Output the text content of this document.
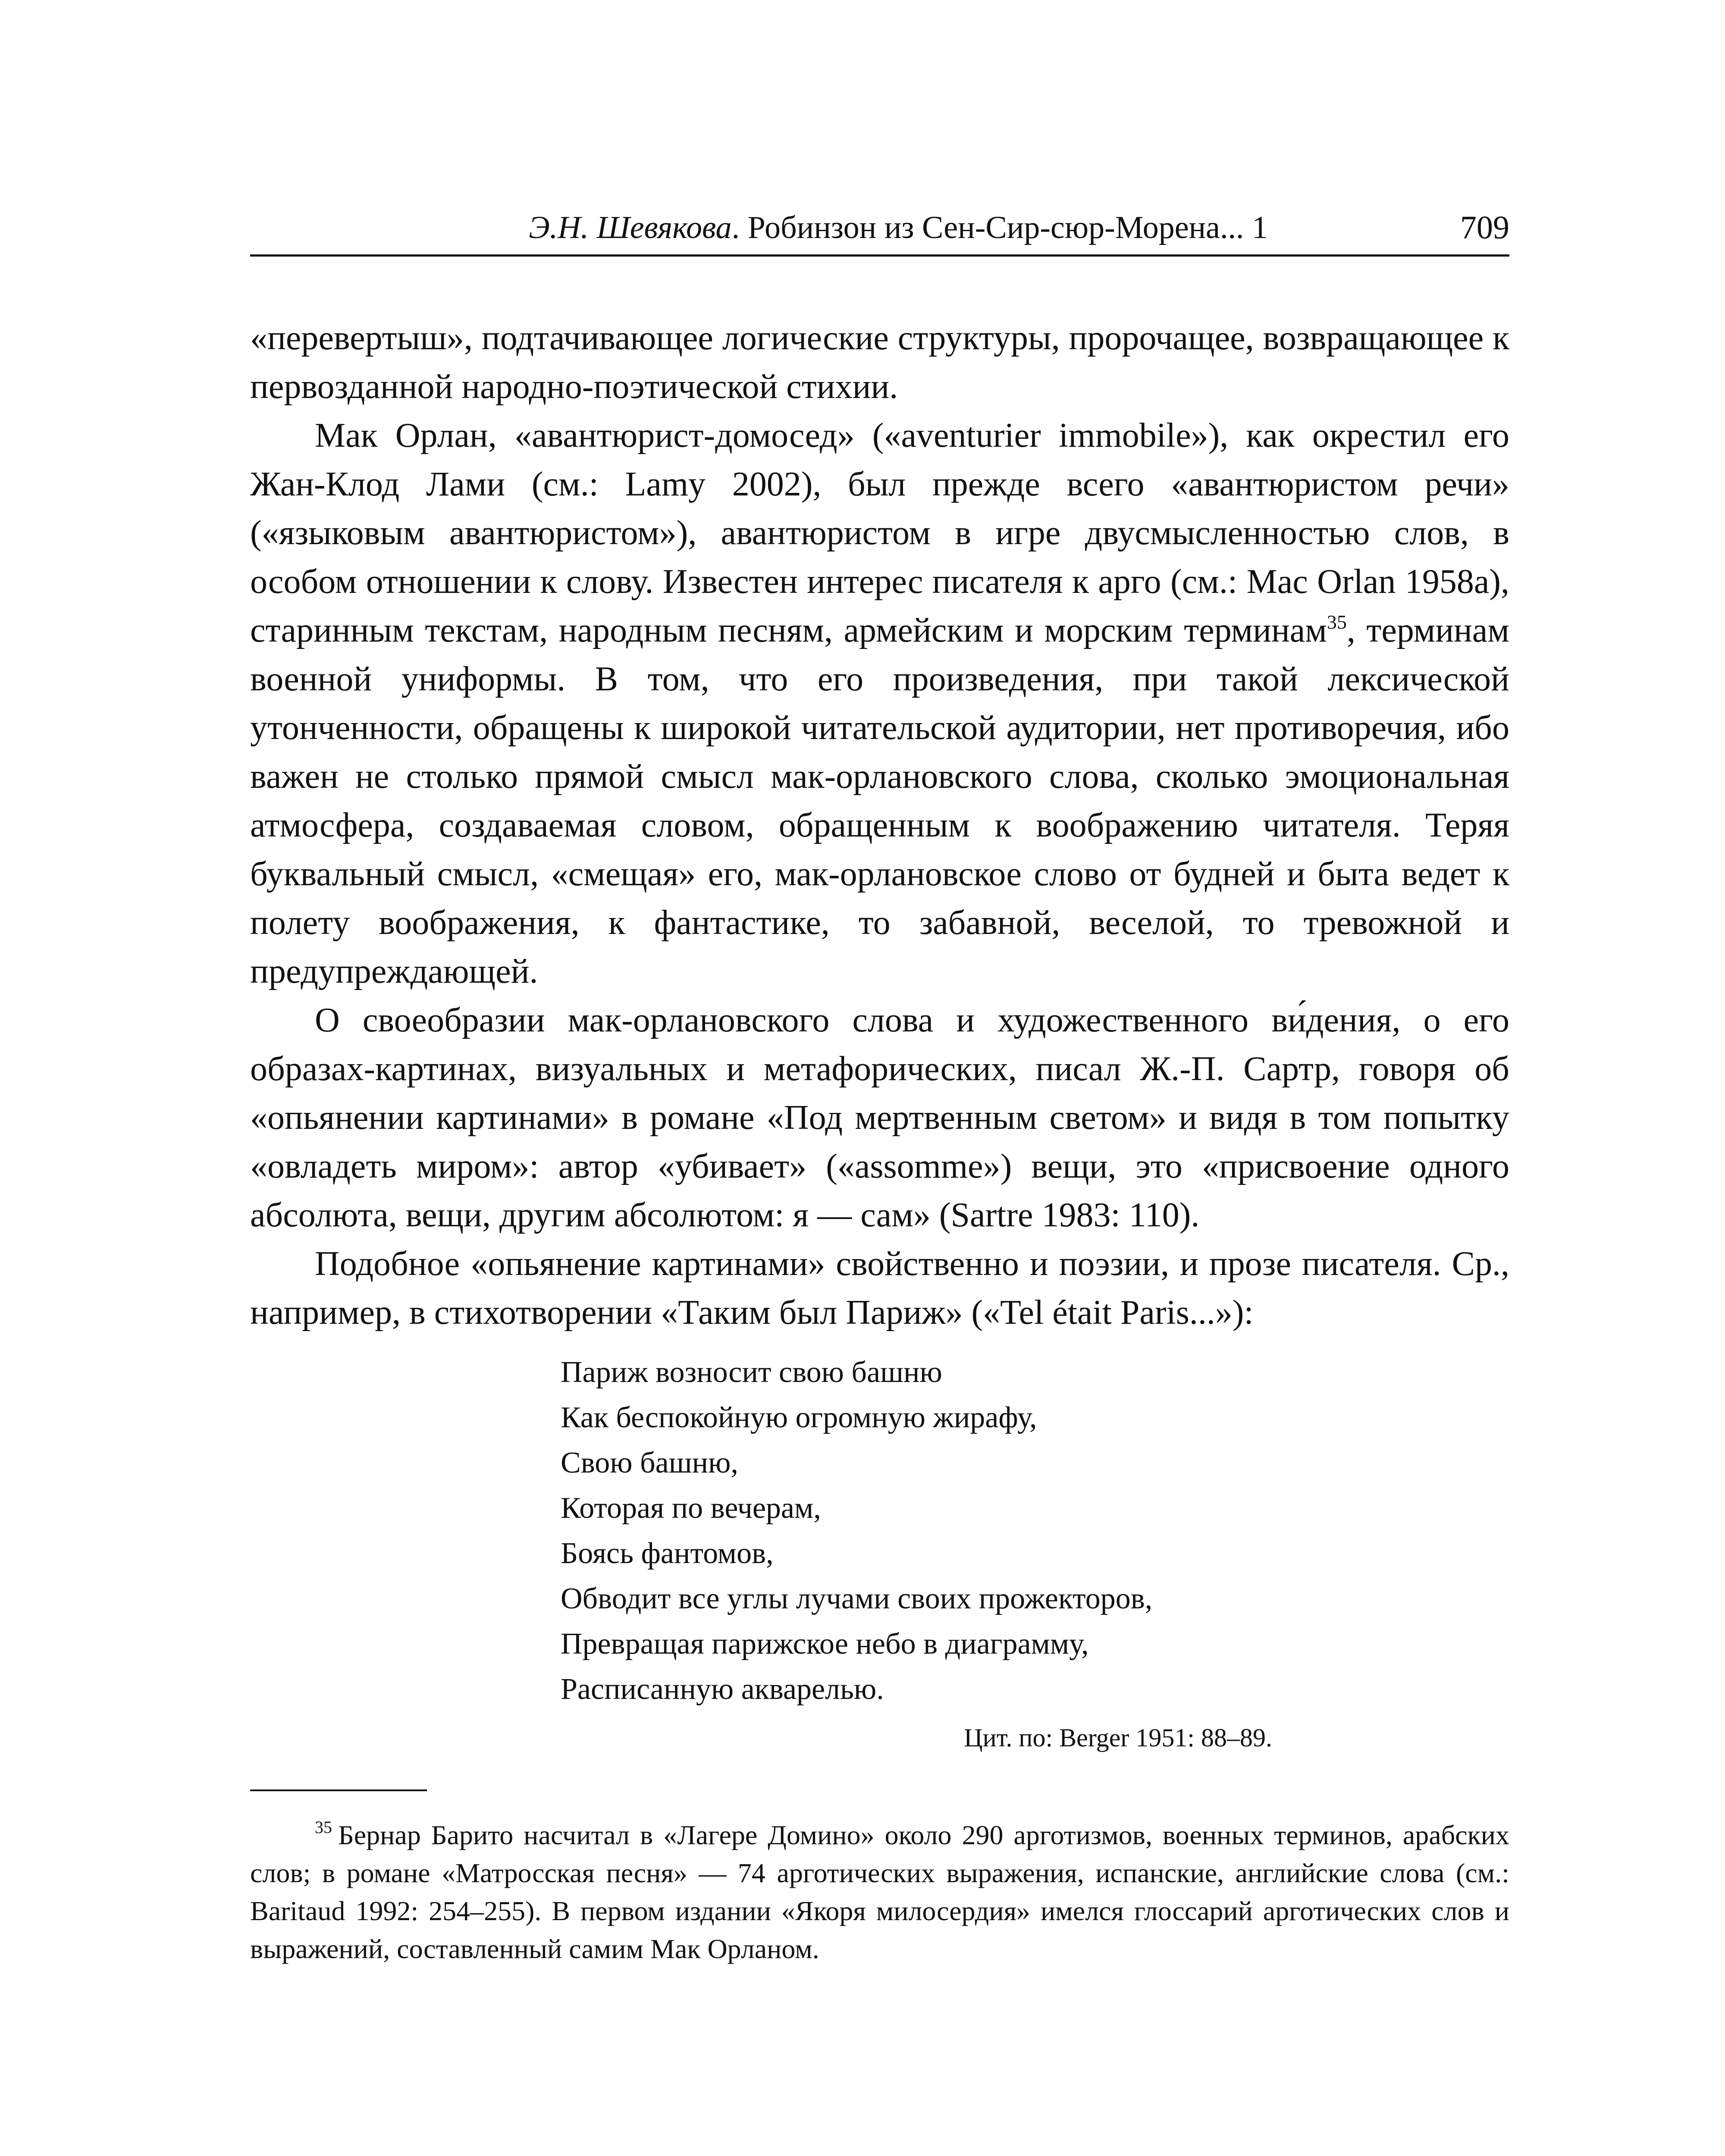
Э.Н. Шевякова. Робинзон из Сен-Сир-сюр-Морена... 1	709

«перевертыш», подтачивающее логические структуры, пророчащее, возвращающее к первозданной народно-поэтической стихии.

Мак Орлан, «авантюрист-домосед» («aventurier immobile»), как окрестил его Жан-Клод Лами (см.: Lamy 2002), был прежде всего «авантюристом речи» («языковым авантюристом»), авантюристом в игре двусмысленностью слов, в особом отношении к слову. Известен интерес писателя к арго (см.: Mac Orlan 1958a), старинным текстам, народным песням, армейским и морским терминам$^{35}$, терминам военной униформы. В том, что его произведения, при такой лексической утонченности, обращены к широкой читательской аудитории, нет противоречия, ибо важен не столько прямой смысл мак-орлановского слова, сколько эмоциональная атмосфера, создаваемая словом, обращенным к воображению читателя. Теряя буквальный смысл, «смещая» его, мак-орлановское слово от будней и быта ведет к полету воображения, к фантастике, то забавной, веселой, то тревожной и предупреждающей.

О своеобразии мак-орлановского слова и художественного ви́дения, о его образах-картинах, визуальных и метафорических, писал Ж.-П. Сартр, говоря об «опьянении картинами» в романе «Под мертвенным светом» и видя в том попытку «овладеть миром»: автор «убивает» («assomme») вещи, это «присвоение одного абсолюта, вещи, другим абсолютом: я — сам» (Sartre 1983: 110).

Подобное «опьянение картинами» свойственно и поэзии, и прозе писателя. Ср., например, в стихотворении «Таким был Париж» («Tel était Paris...»):

Париж возносит свою башню
Как беспокойную огромную жирафу,
Свою башню,
Которая по вечерам,
Боясь фантомов,
Обводит все углы лучами своих прожекторов,
Превращая парижское небо в диаграмму,
Расписанную акварелью.
Цит. по: Berger 1951: 88–89.
$^{35}$ Бернар Барито насчитал в «Лагере Домино» около 290 арготизмов, военных терминов, арабских слов; в романе «Матросская песня» — 74 арготических выражения, испанские, английские слова (см.: Baritaud 1992: 254–255). В первом издании «Якоря милосердия» имелся глоссарий арготических слов и выражений, составленный самим Мак Орланом.
